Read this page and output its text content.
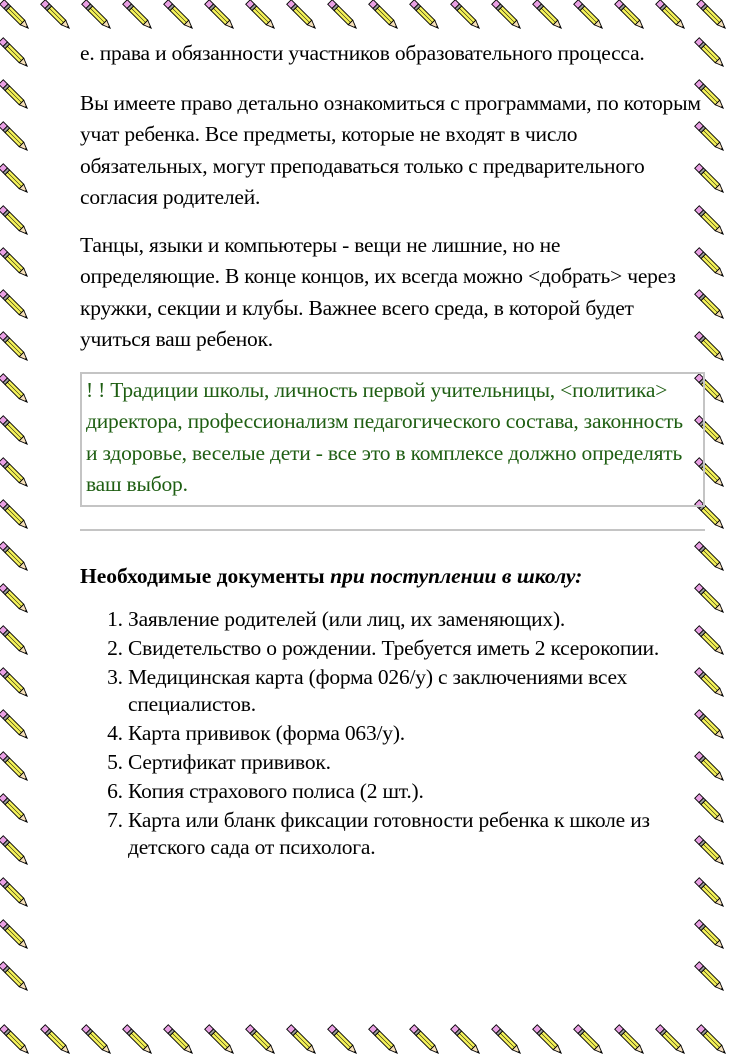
е. права и обязанности участников образовательного процесса.

Вы имеете право детально ознакомиться с программами, по которым учат ребенка. Все предметы, которые не входят в число обязательных, могут преподаваться только с предварительного согласия родителей.

Танцы, языки и компьютеры - вещи не лишние, но не определяющие. В конце концов, их всегда можно <добрать> через кружки, секции и клубы. Важнее всего среда, в которой будет учиться ваш ребенок.

! ! Традиции школы, личность первой учительницы, <политика> директора, профессионализм педагогического состава, законность и здоровье, веселые дети - все это в комплексе должно определять ваш выбор.

Необходимые документы при поступлении в школу:

1. Заявление родителей (или лиц, их заменяющих).
2. Свидетельство о рождении. Требуется иметь 2 ксерокопии.
3. Медицинская карта (форма 026/у) с заключениями всех специалистов.
4. Карта прививок (форма 063/у).
5. Сертификат прививок.
6. Копия страхового полиса (2 шт.).
7. Карта или бланк фиксации готовности ребенка к школе из детского сада от психолога.
